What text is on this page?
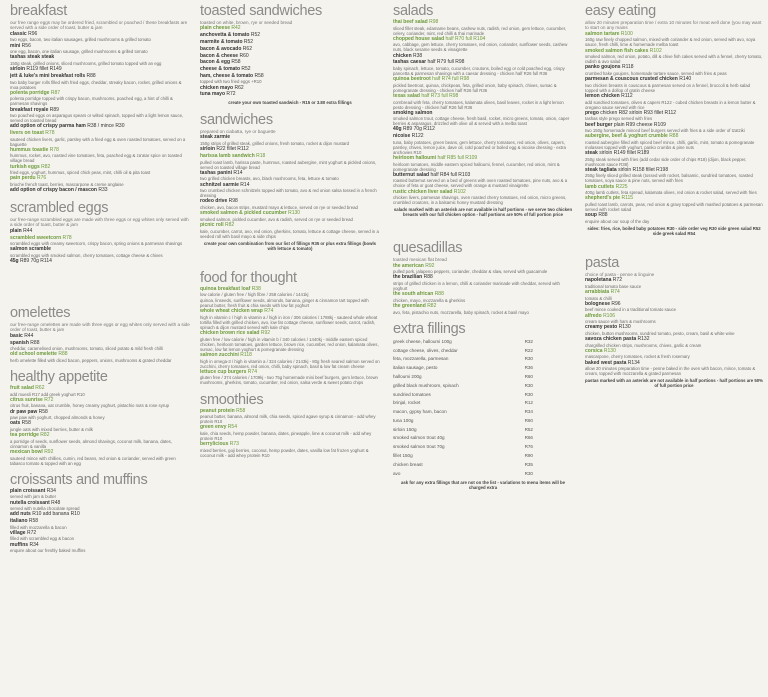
breakfast
our free range eggs may be ordered fried, scrambled or poached / these breakfasts are served with a side order of toast, butter & jam
classic R96
two eggs, bacon, two italian sausages, grilled mushrooms & grilled tomato
mini R56
one egg, bacon, one italian sausage, grilled mushrooms & grilled tomato
tashas steak steak
150g steak, grilled onions, sliced mushrooms, grilled tomato topped with an egg
sirloin R119 fillet R149
jett & luke's mini breakfast rolls R88
two baby burger rolls filled with fried eggs, cheddar, streaky bacon, rocket, grilled onions & moa potatoes
polenta porridge R87
polenta porridge topped with crispy bacon, mushrooms, poached egg, a hint of chilli & parmesan shavings
breakfast royale R89
two poached eggs on asparagus spears or wilted spinach, topped with a light lemon sauce, served on toasted bread
add option of crispy parma ham R38 / mince R30
livers on toast R78
sauteed chicken livers, garlic, parsley with a fried egg & oven roasted tomatoes, served on a baguette
hummus toastie R78
hummus, rocket, avo, roasted vine tomatoes, feta, poached egg & za'atar spice on toasted village bread
turkish eggs R82
fried eggs, yoghurt, hummus, spiced chick peas, mint, chilli oil & pita toast
pain perdu R76
brioche french toast, berries, mascarpone & creme anglaise
add option of crispy bacon / mascon R33
scrambled eggs
our free-range scrambled eggs are made with three eggs or egg whites only served with a side order of toast, butter & jam
plain R44
scrambled sweetcorn R78
scrambled eggs with creamy sweetcorn, crispy bacon, spring onions & parmesan shavings
salmon scramble
scrambled eggs with smoked salmon, cherry tomatoes, cottage cheese & chives
45g R89 70g R114
omelettes
our free-range omelettes are made with three eggs or egg whites only served with a side order of toast, butter & jam
basic R44
spanish R88
cheddar, caramelised onion, mushrooms, tomato, sliced potato & mild fresh chilli
old school omelette R88
herb omelette filled with diced bacon, peppers, onions, mushrooms & grated cheddar
healthy appetite
fruit salad R62
add muesli R17 add greek yoghurt R10
citrus sunrise R72
citrus fruit, banana, oat crumble, honey creamy yoghurt, pistachio nuts & rose syrup
dr paw paw R58
paw paw with yoghurt, chopped almonds & honey
oats R58
jungle oats with mixed berries, butter & milk
tea porridge R82
a porridge of seeds, sunflower seeds, almond shavings, coconut milk, banana, dates, cinnamon & vanilla
mexican bowl R92
sauteed mince with chillies, cumin, red beans, red onion & coriander, served with green tabasco tomato & topped with an egg
croissants and muffins
plain croissant R34
served with jam & butter
nutella croissant R48
served with nutella chocolate spread
add nuts R10 add banana R10
italiano R58
filled with mozzarella & bacon
village R72
filled with scrambled egg & bacon
muffins R34
enquire about our freshly baked muffins
toasted sandwiches
toasted on white, brown, rye or seeded bread
plain cheese R42
anchovetta & tomato R52
marmite & tomato R52
bacon & avocado R62
bacon & cheese R60
bacon & egg R58
cheese & tomato R52
ham, cheese & tomato R58
topped with two fried eggs +R10
chicken mayo R62
tuna mayo R72
create your own toasted sandwich - R15 or 3.80 extra fillings
sandwiches
prepared on ciabatta, rye or baguette
steak zarmie
150g strips of grilled steak, grilled onions, fresh tomato, rocket & dijon mustard
sirloin R22 fillet R112
harissa lamb sandwich R18
pulled roast lamb, harissa paste, hummus, roasted aubergine, mint yoghurt & pickled onions, served on toasted village bread
tashas panini R14
two grilled chicken breasts, avo, black mushrooms, feta, lettuce & tomato
schnitzel sarmie R14
two crumbed chicken schnitzels topped with tomato, avo & red onion salsa tossed in a french dressing
rodeo drive R98
chicken, avo, bacon strips, mustard mayo & lettuce, served on rye or seeded bread
smoked salmon & pickled cucumber R130
smoked salmon, pickled cucumber, avo & radish, served on rye or seeded bread
picnic roll R82
kale, cucumber, carrot, avo, red onion, gherkins, tomato, lettuce & cottage cheese, served in a seeded roll with basil mayo & side chips
create your own combination from our list of fillings R35 or plus extra fillings (bowls with lettuce & tomato)
food for thought
quinoa breakfast loaf R38
low calorie / gluten free / high fibre / 258 calories / 1441kj
quinoa, linseeds, sunflower seeds, almonds, banana, ginger & cinnamon tart topped with peanut butter, fresh fruit & chia seeds with low fat yoghurt
whole wheat chicken wrap R74
high in vitamin c / high in vitamin a / high in iron / 306 calories / 1788kj - sauteed whole wheat tortilla filled with grilled chicken, avo, low fat cottage cheese, sunflower seeds, carrot, radish, spinach & dijon mustard served with kale chips
chicken brown rice salad R92
gluten free / low calorie / high in vitamin b / 340 calories / 1440kj - middle eastern spiced chicken, heirloom tomatoes, garden lettuce, brown rice, cucumber, red onion, kalamata olives, sumac, low fat lemon yoghurt & pomegranate dressing
salmon zucchini R118
high in omega-3 / high in vitamin a / 324 calories / 2143kj - 80g fresh seared salmon served on zucchini, cherry tomatoes, red onion, chilli, baby spinach, basil & low fat cream cheese
lettuce cup burgers R74
gluten free / 374 calories / 1709kj - two 75g homemade mini beef burgers, gem lettuce, brown mushrooms, gherkins, tomato, cucumber, red onion, salsa verde & sweet potato chips
smoothies
peanut protein R58
peanut butter, banana, almond milk, chia seeds, spiced agave syrup & cinnamon - add whey protein R10
green envy R54
kale, chia seeds, hemp powder, banana, dates, pineapple, lime & coconut milk - add whey protein R10
berrylicious R73
mixed berries, goji berries, coconut, hemp powder, dates, vanilla low fat frozen yoghurt & coconut milk - add whey protein R10
salads
thai beef salad R98
sliced fillet steak, edamame beans, cashew nuts, radish, red onion, gem lettuce, cucumber, celery, coriander, mint, red chilli & thai marinade
chopped house salad half R70 full R104
avo, cabbage, gem lettuce, cherry tomatoes, red onion, coriander, sunflower seeds, cashew nuts, black sesame seeds & vinaigrette
chicken R38
tashas caesar half R79 full R98
baby spinach, lettuce, tomato, cucumber, croutons, boiled egg or cold poached egg, crispy pancetta & parmesan shavings with a caesar dressing - chicken half R26 full R36
quinoa beetroot half R74 full R98
pickled beetroot, quinoa, chickpeas, feta, grilled onion, baby spinach, chives, sumac & pomegranate dressing - chicken half R26 full R36
texas salad half R73 full R98
cornbread with feta, cherry tomatoes, kalamata olives, basil leaves, rocket in a light lemon pesto dressing - chicken half R26 full R36
smoking salmon
smoked salmon trout, cottage cheese, fresh basil, rocket, micro greens, tomato, onion, caper berries & asparagus, drizzled with olive oil & served with a melba toast
40g R89 70g R112
nicoise R122
tuna, baby potatoes, green beans, gem lettuce, cherry tomatoes, red onion, olives, capers, parsley, chives, lemon juice, dave oil, cold poached or boiled egg & nicoise dressing - extra anchovies R10
heirloom halloumi half R85 full R109
heirloom tomatoes, middle eastern spiced halloumi, fennel, cucumber, red onion, mint & pomegranate dressing
butternut salad half R84 full R103
roasted butternut served on a bed of greens with oven roasted tomatoes, pine nuts, avo & a choice of feta or goat cheese, served with orange & mustard vinaigrette
rustic chicken liver salad R102
chicken livers, parmesan shavings, oven roasted cherry tomatoes, red onion, micro greens, crumbled croutons, in a balsamic honey mustard dressing
salads marked with an asterisk are not available in half portions - we serve two chicken breasts with our full chicken option - half portions are 50% of full portion price
quesadillas
toasted mexican flat bread
the american R92
pulled pork, jalapeno peppers, coriander, cheddar & slaw, served with guacamole
the brazilian R88
strips of grilled chicken in a lemon, chilli & coriander marinade with cheddar, served with yoghurt
the south african R88
chicken, mayo, mozzarella & gherkins
the greenland R82
avo, feta, pistachio nuts, mozzarella, baby spinach, rocket & basil mayo
extra fillings
greek cheese, halloumi 100g	R32
cottage cheese, olives, cheddar	R22
feta, mozzarella, parmesan	R30
italian sausage, pesto	R36
halloumi 200g	R60
grilled black mushroom, spinach	R30
sundried tomatoes	R30
brinjal, rocket	R12
macon, gypsy ham, bacon	R34
tuna 100g	R60
sirloin 150g	R52
smoked salmon trout 40g	R66
smoked salmon trout 70g	R76
fillet 150g	R90
chicken breast	R35
avo	R30
ask for any extra fillings that are not on the list - variations to menu items will be charged extra
easy eating
allow 20 minutes preparation time / extra 10 minutes for meat well done (you may want to start on any mains
salmon tartare R100
160g raw finely chopped salmon, mixed with coriander & red onion, served with avo, soya sauce, fresh chilli, lime & homemade melba toast
smoked salmon fish cakes R102
smoked salmon, red onion, potato, dill & chive fish cakes served with a fennel, cherry tomato, radish & avo salad
panko goujons R118
crumbed hake goujons, homemade tartare sauce, served with fries & peas
parmesan & couscous crusted chicken R140
two chicken breasts in couscous & parmesan served on a fennel, broccoli & herb salad topped with a dollop of gratin cheese
lemon chicken R112
add sundried tomatoes, olives & capers R122 - cubed chicken breasts in a lemon butter & oregano sauce served with rice
prego chicken R82 sirloin R93 fillet R112
tashas style prego served with fries
beef burger plain R99 cheese R109
two 150g homemade minced beef burgers served with fries & a side order of tzatziki
aubergine, beef & yoghurt crumble R88
roasted aubergine filled with spiced beef mince, chilli, garlic, mint, tomato & pomegranate molasses topped with yoghurt, panko crumbs & pine nuts
steak sirloin R149 fillet R189
250g steak served with fries (add cedar side order of chips R18) (dijon, black pepper, mushroom sauce R38)
steak tagliata sirloin R158 fillet R198
250g finely sliced grilled steak (tossed with rocket, balsamic, sundried tomatoes, roasted tomatoes, soya sauce & pine nuts, served with fries
lamb cutlets R225
400g lamb cutlets, feta spread, kalamata olives, red onion & rocket salad, served with fries
shepherd's pie R115
pulled roast lamb, carrots, peas, red onion & gravy topped with mashed potatoes & parmesan served with rocket salad
soup R88
enquire about our soup of the day
sides: fries, rice, boiled baby potatoes R30 - side order veg R30 side green salad R52 side greek salad R54
pasta
choice of pasta - penne & linguine
napoletana R72
traditional tomato base sauce
arrabbiata R74
tomato & chilli
bolognese R96
beef mince cooked in a traditional tomato sauce
alfredo R106
cream sauce with ham & mushrooms
creamy pesto R130
chicken, button mushrooms, sundried tomato, pesto, cream, basil & white wine
savoza chicken pasta R132
chargrilled chicken strips, mushrooms, chives, garlic & cream
corsica R130
mascarpone, cherry tomatoes, rocket & fresh rosemary
baked west pasta R134
allow 20 minutes preparation time - penne baked in the oven with bacon, mince, tomato & cream, topped with mozzarella & grated parmesan
pastas marked with an asterisk are not available in half portions - half portions are 50% of full portion price
